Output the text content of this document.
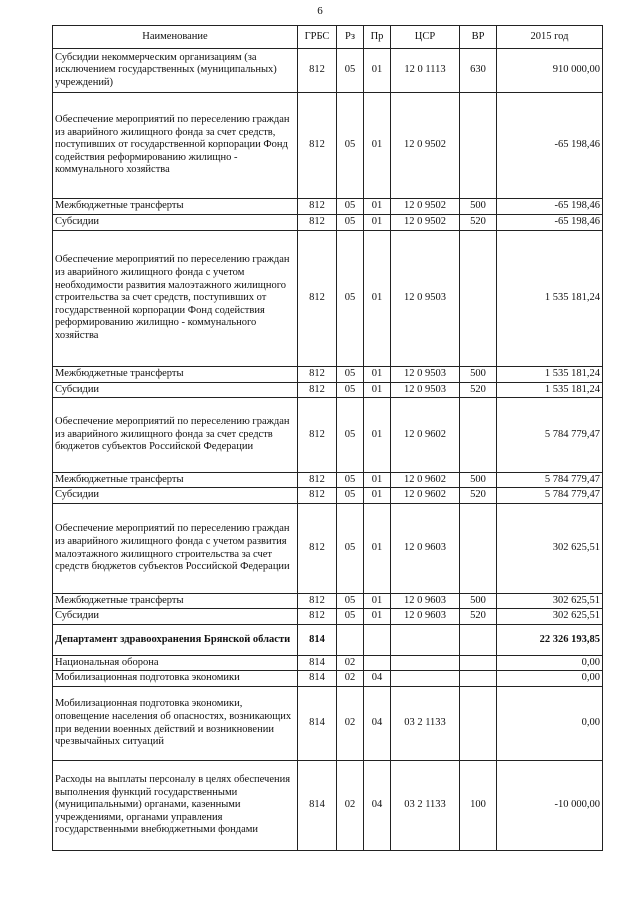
6
Наименование	ГРБС	Рз	Пр	ЦСР	ВР	2015 год
Субсидии некоммерческим организациям (за исключением государственных (муниципальных) учреждений)	812	05	01	12 0 1113	630	910 000,00
Обеспечение мероприятий по переселению граждан из аварийного жилищного фонда за счет средств, поступивших от государственной корпорации Фонд содействия реформированию жилищно - коммунального хозяйства	812	05	01	12 0 9502		-65 198,46
Межбюджетные трансферты	812	05	01	12 0 9502	500	-65 198,46
Субсидии	812	05	01	12 0 9502	520	-65 198,46
Обеспечение мероприятий по переселению граждан из аварийного жилищного фонда с учетом необходимости развития малоэтажного жилищного строительства за счет средств, поступивших от государственной корпорации Фонд содействия реформированию жилищно - коммунального хозяйства	812	05	01	12 0 9503		1 535 181,24
Межбюджетные трансферты	812	05	01	12 0 9503	500	1 535 181,24
Субсидии	812	05	01	12 0 9503	520	1 535 181,24
Обеспечение мероприятий по переселению граждан из аварийного жилищного фонда за счет средств бюджетов субъектов Российской Федерации	812	05	01	12 0 9602		5 784 779,47
Межбюджетные трансферты	812	05	01	12 0 9602	500	5 784 779,47
Субсидии	812	05	01	12 0 9602	520	5 784 779,47
Обеспечение мероприятий по переселению граждан из аварийного жилищного фонда с учетом развития малоэтажного жилищного строительства за счет средств бюджетов субъектов Российской Федерации	812	05	01	12 0 9603		302 625,51
Межбюджетные трансферты	812	05	01	12 0 9603	500	302 625,51
Субсидии	812	05	01	12 0 9603	520	302 625,51
Департамент здравоохранения Брянской области	814					22 326 193,85
Национальная оборона	814	02				0,00
Мобилизационная подготовка экономики	814	02	04			0,00
Мобилизационная подготовка экономики, оповещение населения об опасностях, возникающих при ведении военных действий и возникновении чрезвычайных ситуаций	814	02	04	03 2 1133		0,00
Расходы на выплаты персоналу в целях обеспечения выполнения функций государственными (муниципальными) органами, казенными учреждениями, органами управления государственными внебюджетными фондами	814	02	04	03 2 1133	100	-10 000,00
